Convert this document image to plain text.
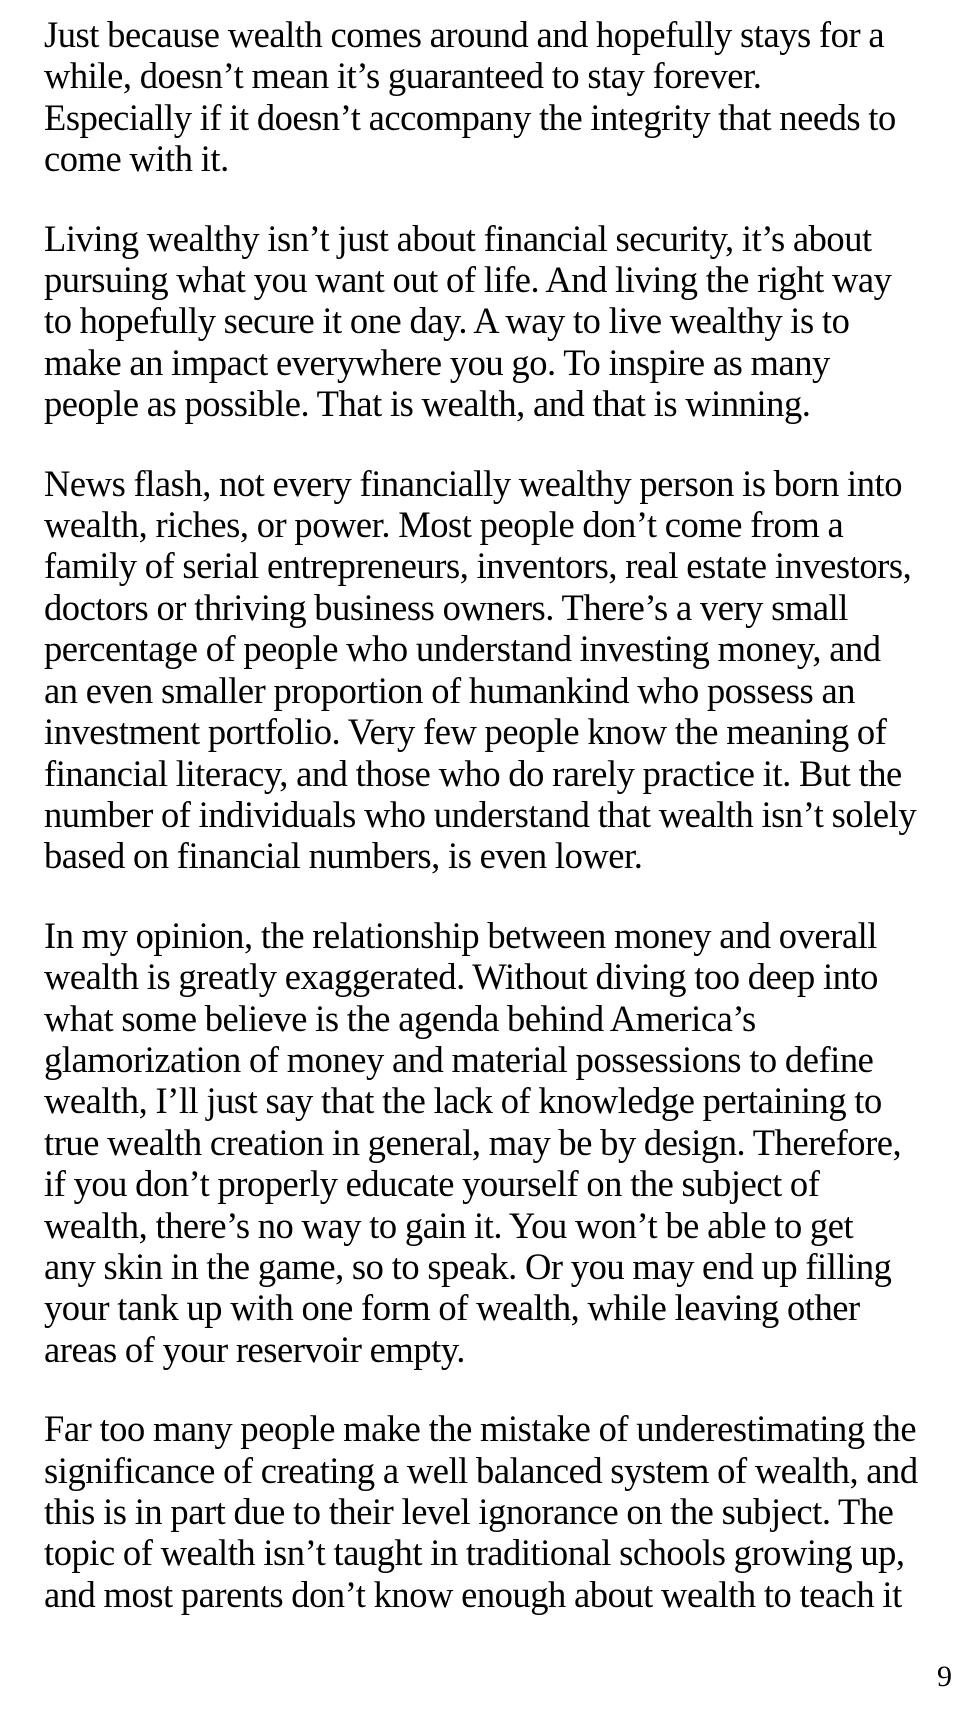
Just because wealth comes around and hopefully stays for a
while, doesn’t mean it’s guaranteed to stay forever.
Especially if it doesn’t accompany the integrity that needs to
come with it.

Living wealthy isn’t just about financial security, it’s about
pursuing what you want out of life. And living the right way
to hopefully secure it one day. A way to live wealthy is to
make an impact everywhere you go. To inspire as many
people as possible. That is wealth, and that is winning.

News flash, not every financially wealthy person is born into
wealth, riches, or power. Most people don’t come from a
family of serial entrepreneurs, inventors, real estate investors,
doctors or thriving business owners. There’s a very small
percentage of people who understand investing money, and
an even smaller proportion of humankind who possess an
investment portfolio. Very few people know the meaning of
financial literacy, and those who do rarely practice it. But the
number of individuals who understand that wealth isn’t solely
based on financial numbers, is even lower.

In my opinion, the relationship between money and overall
wealth is greatly exaggerated. Without diving too deep into
what some believe is the agenda behind America’s
glamorization of money and material possessions to define
wealth, I’ll just say that the lack of knowledge pertaining to
true wealth creation in general, may be by design. Therefore,
if you don’t properly educate yourself on the subject of
wealth, there’s no way to gain it. You won’t be able to get
any skin in the game, so to speak. Or you may end up filling
your tank up with one form of wealth, while leaving other
areas of your reservoir empty.

Far too many people make the mistake of underestimating the
significance of creating a well balanced system of wealth, and
this is in part due to their level ignorance on the subject. The
topic of wealth isn’t taught in traditional schools growing up,
and most parents don’t know enough about wealth to teach it

9
